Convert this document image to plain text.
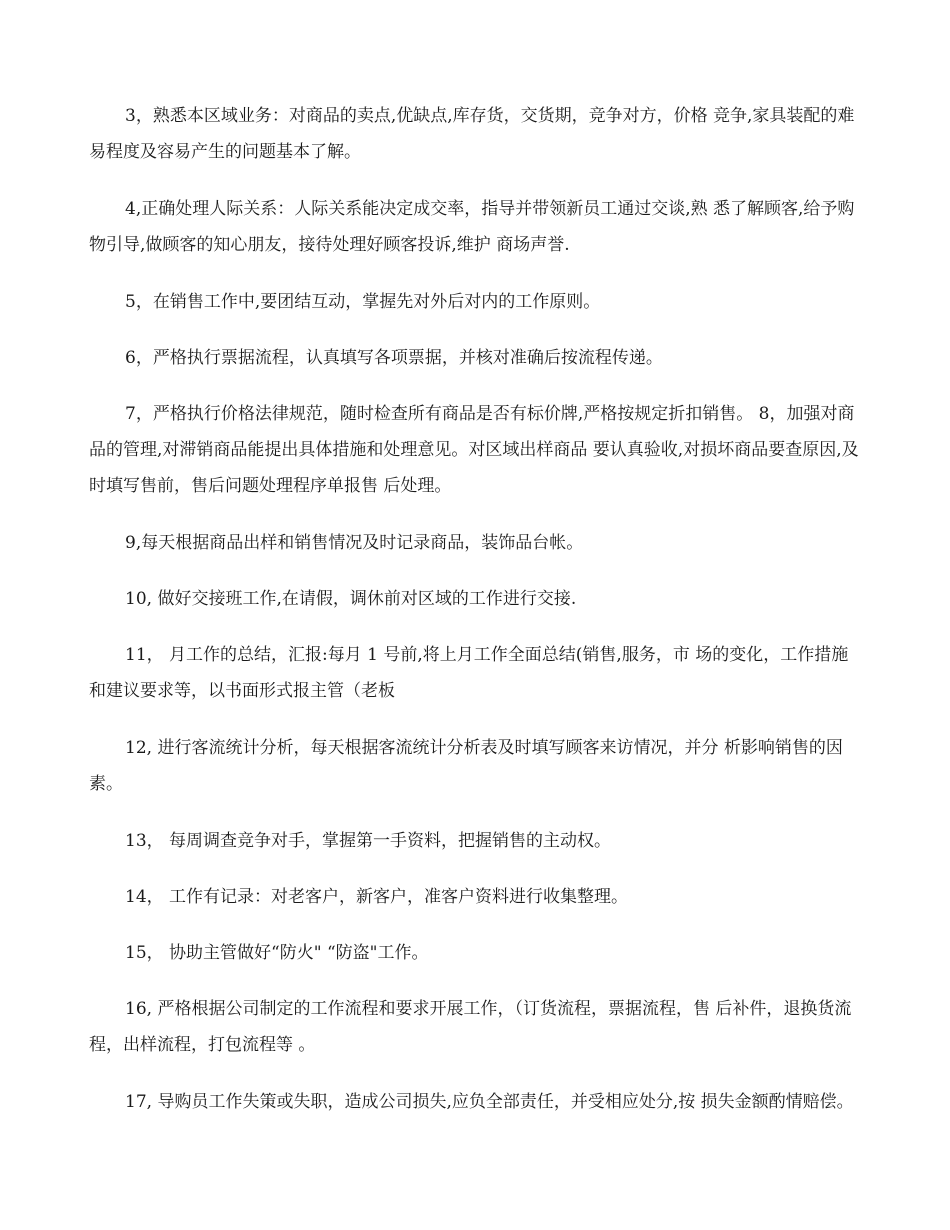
3，熟悉本区域业务：对商品的卖点,优缺点,库存货，交货期，竞争对方，价格 竞争,家具装配的难易程度及容易产生的问题基本了解。

4,正确处理人际关系：人际关系能决定成交率，指导并带领新员工通过交谈,熟 悉了解顾客,给予购物引导,做顾客的知心朋友，接待处理好顾客投诉,维护 商场声誉.

5，在销售工作中,要团结互动，掌握先对外后对内的工作原则。

6，严格执行票据流程，认真填写各项票据，并核对准确后按流程传递。

7，严格执行价格法律规范，随时检查所有商品是否有标价牌,严格按规定折扣销售。 8，加强对商品的管理,对滞销商品能提出具体措施和处理意见。对区域出样商品 要认真验收,对损坏商品要查原因,及时填写售前，售后问题处理程序单报售 后处理。

9,每天根据商品出样和销售情况及时记录商品，装饰品台帐。

10, 做好交接班工作,在请假，调休前对区域的工作进行交接.

11， 月工作的总结，汇报:每月 1 号前,将上月工作全面总结(销售,服务，市 场的变化，工作措施和建议要求等，以书面形式报主管（老板

12, 进行客流统计分析，每天根据客流统计分析表及时填写顾客来访情况，并分 析影响销售的因素。

13， 每周调查竞争对手，掌握第一手资料，把握销售的主动权。

14， 工作有记录：对老客户，新客户，准客户资料进行收集整理。

15， 协助主管做好“防火" “防盗"工作。

16, 严格根据公司制定的工作流程和要求开展工作，（订货流程，票据流程，售 后补件，退换货流程，出样流程，打包流程等 。

17, 导购员工作失策或失职，造成公司损失,应负全部责任，并受相应处分,按 损失金额酌情赔偿。
